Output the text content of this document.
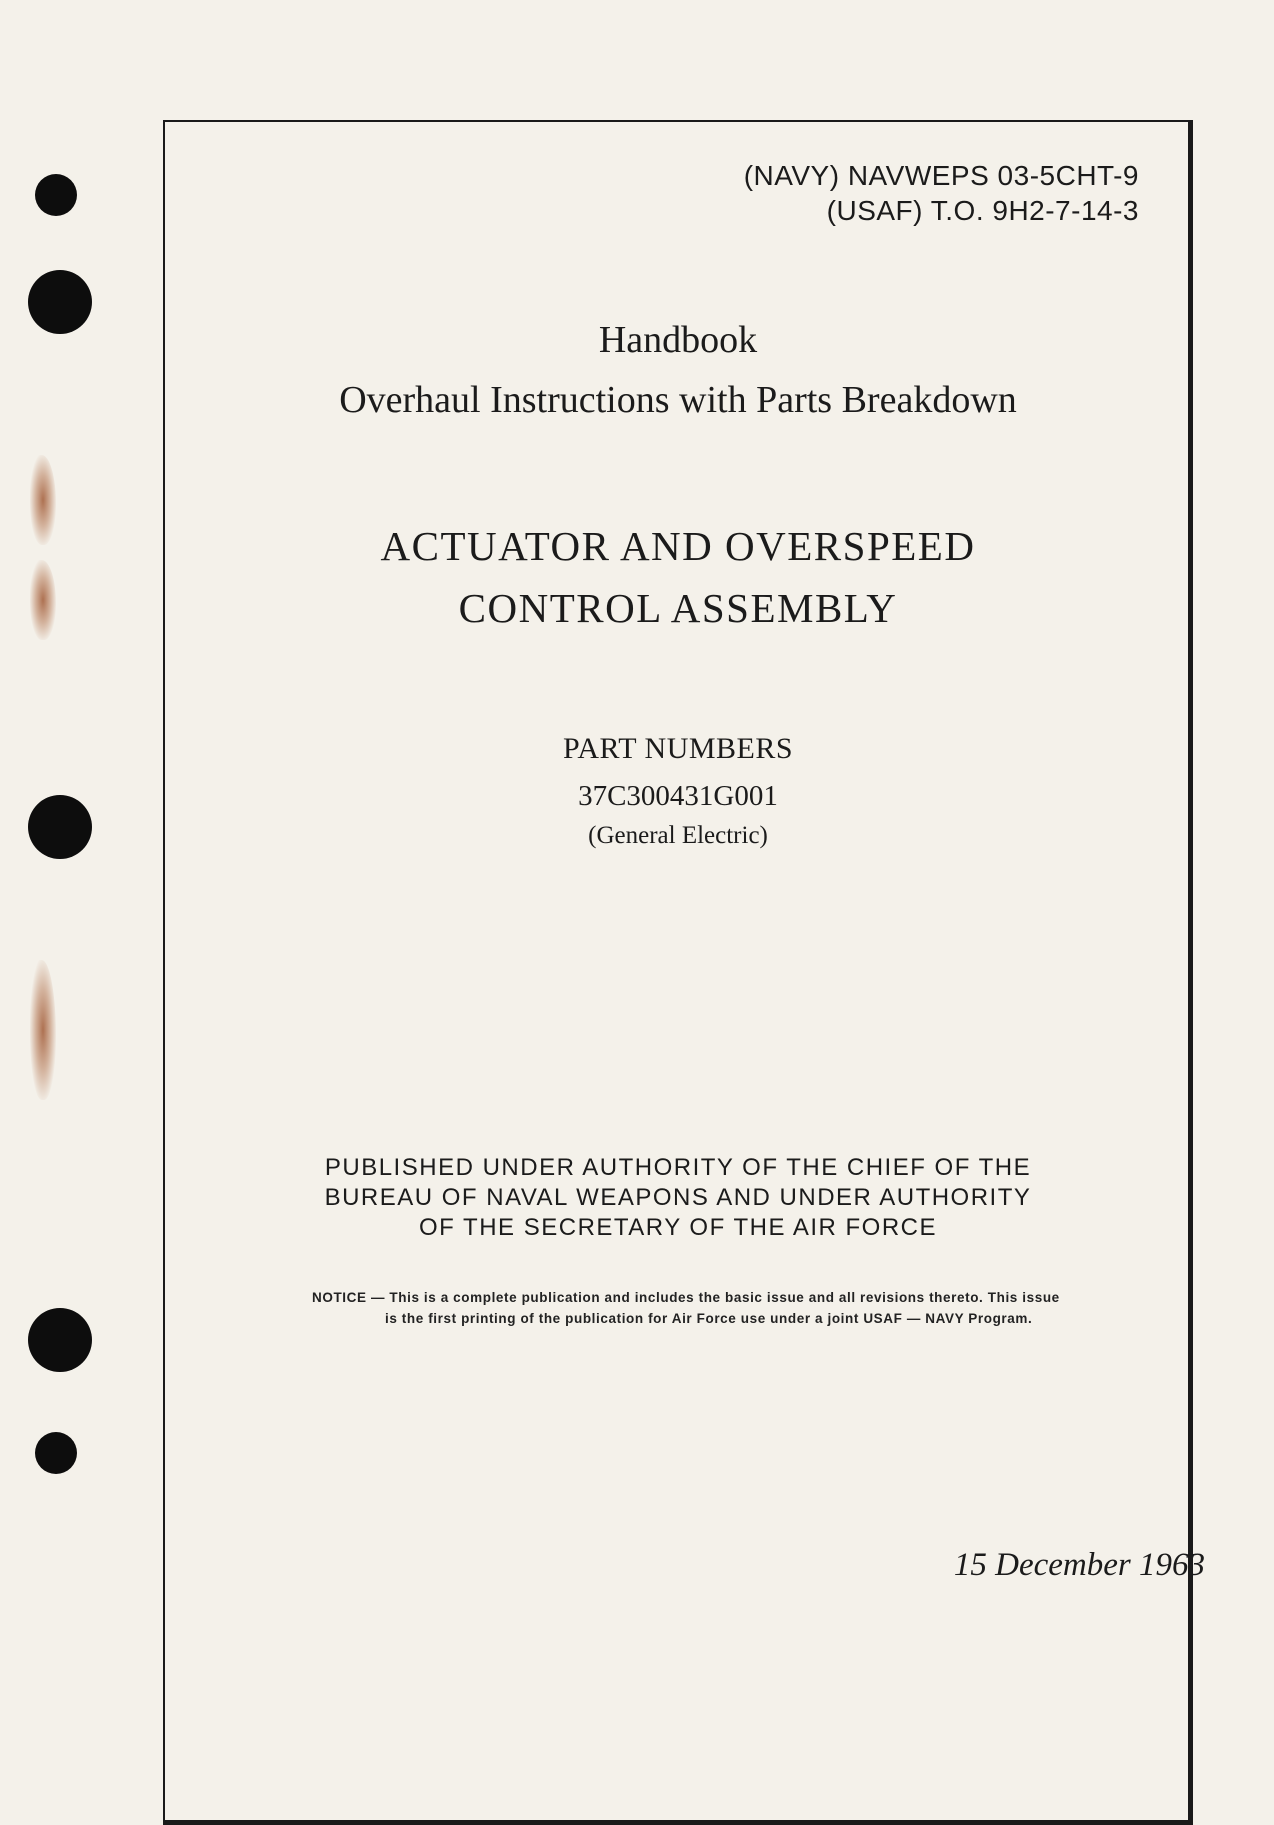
(NAVY) NAVWEPS 03-5CHT-9
(USAF) T.O. 9H2-7-14-3
Handbook
Overhaul Instructions with Parts Breakdown
ACTUATOR AND OVERSPEED
CONTROL ASSEMBLY
PART NUMBERS
37C300431G001
(General Electric)
PUBLISHED UNDER AUTHORITY OF THE CHIEF OF THE
BUREAU OF NAVAL WEAPONS AND UNDER AUTHORITY
OF THE SECRETARY OF THE AIR FORCE
NOTICE — This is a complete publication and includes the basic issue and all revisions thereto. This issue
is the first printing of the publication for Air Force use under a joint USAF — NAVY Program.
15 December 1963
